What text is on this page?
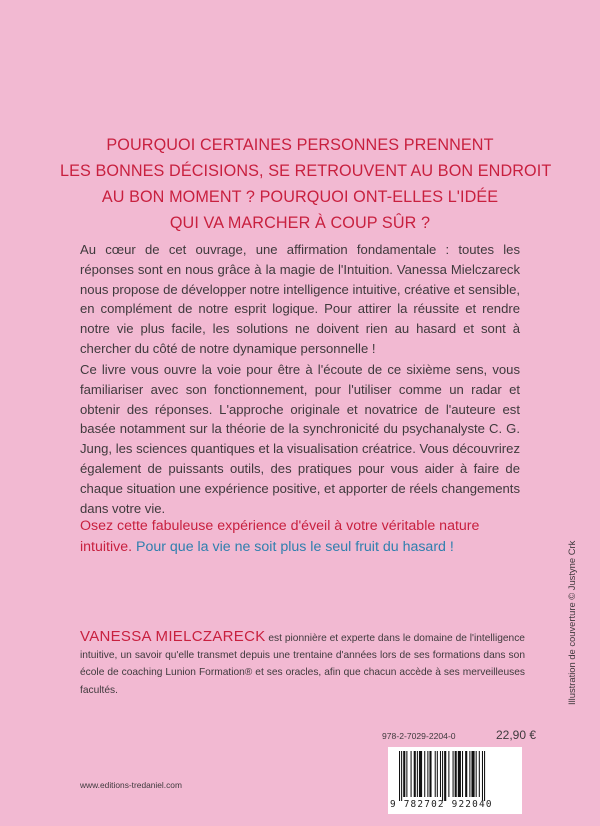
POURQUOI CERTAINES PERSONNES PRENNENT
LES BONNES DÉCISIONS, SE RETROUVENT AU BON ENDROIT
AU BON MOMENT ? POURQUOI ONT-ELLES L'IDÉE
QUI VA MARCHER À COUP SÛR ?

Au cœur de cet ouvrage, une affirmation fondamentale : toutes les réponses sont en nous grâce à la magie de l'Intuition. Vanessa Mielczareck nous propose de développer notre intelligence intuitive, créative et sensible, en complément de notre esprit logique. Pour attirer la réussite et rendre notre vie plus facile, les solutions ne doivent rien au hasard et sont à chercher du côté de notre dynamique personnelle !

Ce livre vous ouvre la voie pour être à l'écoute de ce sixième sens, vous familiariser avec son fonctionnement, pour l'utiliser comme un radar et obtenir des réponses. L'approche originale et novatrice de l'auteure est basée notamment sur la théorie de la synchronicité du psychanalyste C. G. Jung, les sciences quantiques et la visualisation créatrice. Vous découvrirez également de puissants outils, des pratiques pour vous aider à faire de chaque situation une expérience positive, et apporter de réels changements dans votre vie.

Osez cette fabuleuse expérience d'éveil à votre véritable nature intuitive. Pour que la vie ne soit plus le seul fruit du hasard !

VANESSA MIELCZARECK est pionnière et experte dans le domaine de l'intelligence intuitive, un savoir qu'elle transmet depuis une trentaine d'années lors de ses formations dans son école de coaching Lunion Formation® et ses oracles, afin que chacun accède à ses merveilleuses facultés.	Illustration de couverture © Justyne Crk
www.editions-tredaniel.com
978-2-7029-2204-0	22,90 €
9 782702 922040
